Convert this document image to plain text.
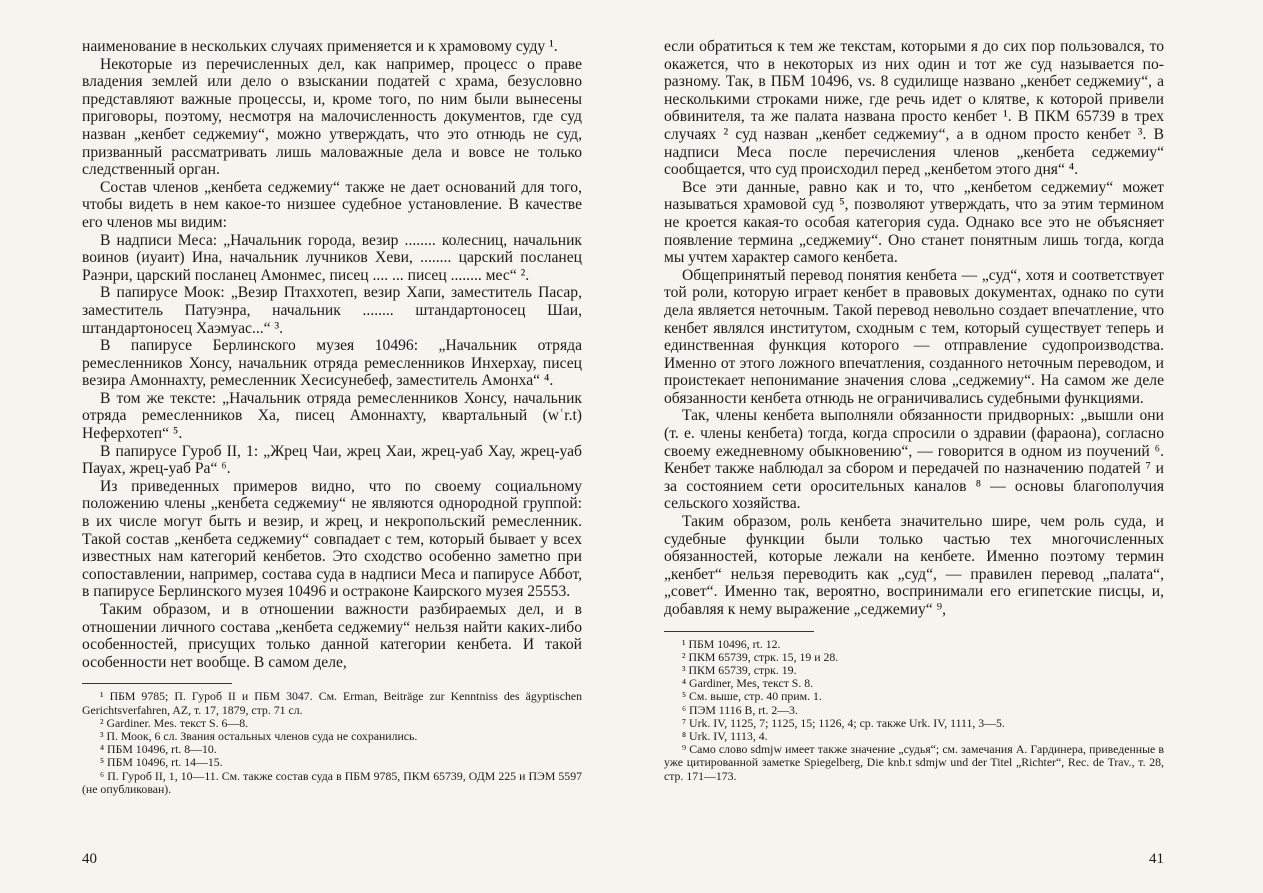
наименование в нескольких случаях применяется и к храмовому суду ¹.

Некоторые из перечисленных дел, как например, процесс о праве владения землей или дело о взыскании податей с храма, безусловно представляют важные процессы, и, кроме того, по ним были вынесены приговоры, поэтому, несмотря на малочисленность документов, где суд назван „кенбет седжемиу“, можно утверждать, что это отнюдь не суд, призванный рассматривать лишь маловажные дела и вовсе не только следственный орган.

Состав членов „кенбета седжемиу“ также не дает оснований для того, чтобы видеть в нем какое-то низшее судебное установление. В качестве его членов мы видим:

В надписи Меса: „Начальник города, везир ........ колесниц, начальник воинов (иуаит) Ина, начальник лучников Хеви, ........ царский посланец Раэнри, царский посланец Амонмес, писец .... ... писец ........ мес“ ².

В папирусе Моок: „Везир Птаххотеп, везир Хапи, заместитель Пасар, заместитель Патуэнра, начальник ........ штандартоносец Шаи, штандартоносец Хаэмуас...“ ³.

В папирусе Берлинского музея 10496: „Начальник отряда ремесленников Хонсу, начальник отряда ремесленников Инхерхау, писец везира Амоннахту, ремесленник Хесисунебеф, заместитель Амонха“ ⁴.

В том же тексте: „Начальник отряда ремесленников Хонсу, начальник отряда ремесленников Ха, писец Амоннахту, квартальный (wʿr.t) Неферхотеп“ ⁵.

В папирусе Гуроб II, 1: „Жрец Чаи, жрец Хаи, жрец-уаб Хау, жрец-уаб Пауах, жрец-уаб Ра“ ⁶.

Из приведенных примеров видно, что по своему социальному положению члены „кенбета седжемиу“ не являются однородной группой: в их числе могут быть и везир, и жрец, и некропольский ремесленник. Такой состав „кенбета седжемиу“ совпадает с тем, который бывает у всех известных нам категорий кенбетов. Это сходство особенно заметно при сопоставлении, например, состава суда в надписи Меса и папирусе Аббот, в папирусе Берлинского музея 10496 и остраконе Каирского музея 25553.

Таким образом, и в отношении важности разбираемых дел, и в отношении личного состава „кенбета седжемиу“ нельзя найти каких-либо особенностей, присущих только данной категории кенбета. И такой особенности нет вообще. В самом деле,

¹ ПБМ 9785; П. Гуроб II и ПБМ 3047. См. Erman, Beiträge zur Kenntniss des ägyptischen Gerichtsverfahren, AZ, т. 17, 1879, стр. 71 сл.

² Gardiner. Mes. текст S. 6—8.

³ П. Моок, 6 сл. Звания остальных членов суда не сохранились.

⁴ ПБМ 10496, rt. 8—10.

⁵ ПБМ 10496, rt. 14—15.

⁶ П. Гуроб II, 1, 10—11. См. также состав суда в ПБМ 9785, ПКМ 65739, ОДМ 225 и ПЭМ 5597 (не опубликован).

40

если обратиться к тем же текстам, которыми я до сих пор пользовался, то окажется, что в некоторых из них один и тот же суд называется по-разному. Так, в ПБМ 10496, vs. 8 судилище названо „кенбет седжемиу“, а несколькими строками ниже, где речь идет о клятве, к которой привели обвинителя, та же палата названа просто кенбет ¹. В ПКМ 65739 в трех случаях ² суд назван „кенбет седжемиу“, а в одном просто кенбет ³. В надписи Меса после перечисления членов „кенбета седжемиу“ сообщается, что суд происходил перед „кенбетом этого дня“ ⁴.

Все эти данные, равно как и то, что „кенбетом седжемиу“ может называться храмовой суд ⁵, позволяют утверждать, что за этим термином не кроется какая-то особая категория суда. Однако все это не объясняет появление термина „седжемиу“. Оно станет понятным лишь тогда, когда мы учтем характер самого кенбета.

Общепринятый перевод понятия кенбета — „суд“, хотя и соответствует той роли, которую играет кенбет в правовых документах, однако по сути дела является неточным. Такой перевод невольно создает впечатление, что кенбет являлся институтом, сходным с тем, который существует теперь и единственная функция которого — отправление судопроизводства. Именно от этого ложного впечатления, созданного неточным переводом, и проистекает непонимание значения слова „седжемиу“. На самом же деле обязанности кенбета отнюдь не ограничивались судебными функциями.

Так, члены кенбета выполняли обязанности придворных: „вышли они (т. е. члены кенбета) тогда, когда спросили о здравии (фараона), согласно своему ежедневному обыкновению“, — говорится в одном из поучений ⁶. Кенбет также наблюдал за сбором и передачей по назначению податей ⁷ и за состоянием сети оросительных каналов ⁸ — основы благополучия сельского хозяйства.

Таким образом, роль кенбета значительно шире, чем роль суда, и судебные функции были только частью тех многочисленных обязанностей, которые лежали на кенбете. Именно поэтому термин „кенбет“ нельзя переводить как „суд“, — правилен перевод „палата“, „совет“. Именно так, вероятно, воспринимали его египетские писцы, и, добавляя к нему выражение „седжемиу“ ⁹,

¹ ПБМ 10496, rt. 12.

² ПКМ 65739, стрк. 15, 19 и 28.

³ ПКМ 65739, стрк. 19.

⁴ Gardiner, Mes, текст S. 8.

⁵ См. выше, стр. 40 прим. 1.

⁶ ПЭМ 1116 В, rt. 2—3.

⁷ Urk. IV, 1125, 7; 1125, 15; 1126, 4; ср. также Urk. IV, 1111, 3—5.

⁸ Urk. IV, 1113, 4.

⁹ Само слово sdmjw имеет также значение „судья“; см. замечания А. Гардинера, приведенные в уже цитированной заметке Spiegelberg, Die knb.t sdmjw und der Titel „Richter“, Rec. de Trav., т. 28, стр. 171—173.

41
